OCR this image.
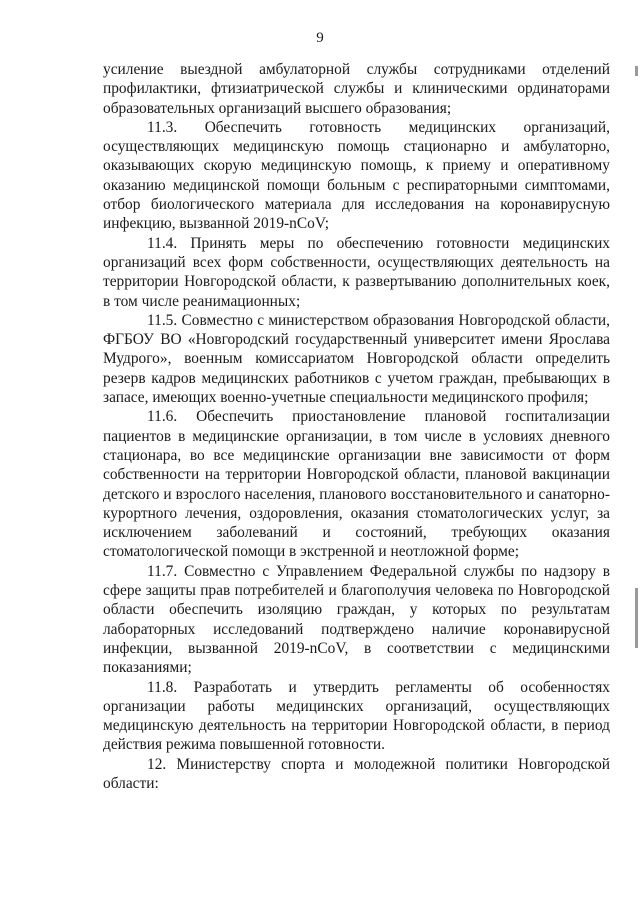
9

усиление выездной амбулаторной службы сотрудниками отделений профилактики, фтизиатрической службы и клиническими ординаторами образовательных организаций высшего образования;

11.3. Обеспечить готовность медицинских организаций, осуществляющих медицинскую помощь стационарно и амбулаторно, оказывающих скорую медицинскую помощь, к приему и оперативному оказанию медицинской помощи больным с респираторными симптомами, отбор биологического материала для исследования на коронавирусную инфекцию, вызванной 2019-nCoV;

11.4. Принять меры по обеспечению готовности медицинских организаций всех форм собственности, осуществляющих деятельность на территории Новгородской области, к развертыванию дополнительных коек, в том числе реанимационных;

11.5. Совместно с министерством образования Новгородской области, ФГБОУ ВО «Новгородский государственный университет имени Ярослава Мудрого», военным комиссариатом Новгородской области определить резерв кадров медицинских работников с учетом граждан, пребывающих в запасе, имеющих военно-учетные специальности медицинского профиля;

11.6. Обеспечить приостановление плановой госпитализации пациентов в медицинские организации, в том числе в условиях дневного стационара, во все медицинские организации вне зависимости от форм собственности на территории Новгородской области, плановой вакцинации детского и взрослого населения, планового восстановительного и санаторно-курортного лечения, оздоровления, оказания стоматологических услуг, за исключением заболеваний и состояний, требующих оказания стоматологической помощи в экстренной и неотложной форме;

11.7. Совместно с Управлением Федеральной службы по надзору в сфере защиты прав потребителей и благополучия человека по Новгородской области обеспечить изоляцию граждан, у которых по результатам лабораторных исследований подтверждено наличие коронавирусной инфекции, вызванной 2019-nCoV, в соответствии с медицинскими показаниями;

11.8. Разработать и утвердить регламенты об особенностях организации работы медицинских организаций, осуществляющих медицинскую деятельность на территории Новгородской области, в период действия режима повышенной готовности.

12. Министерству спорта и молодежной политики Новгородской области:
